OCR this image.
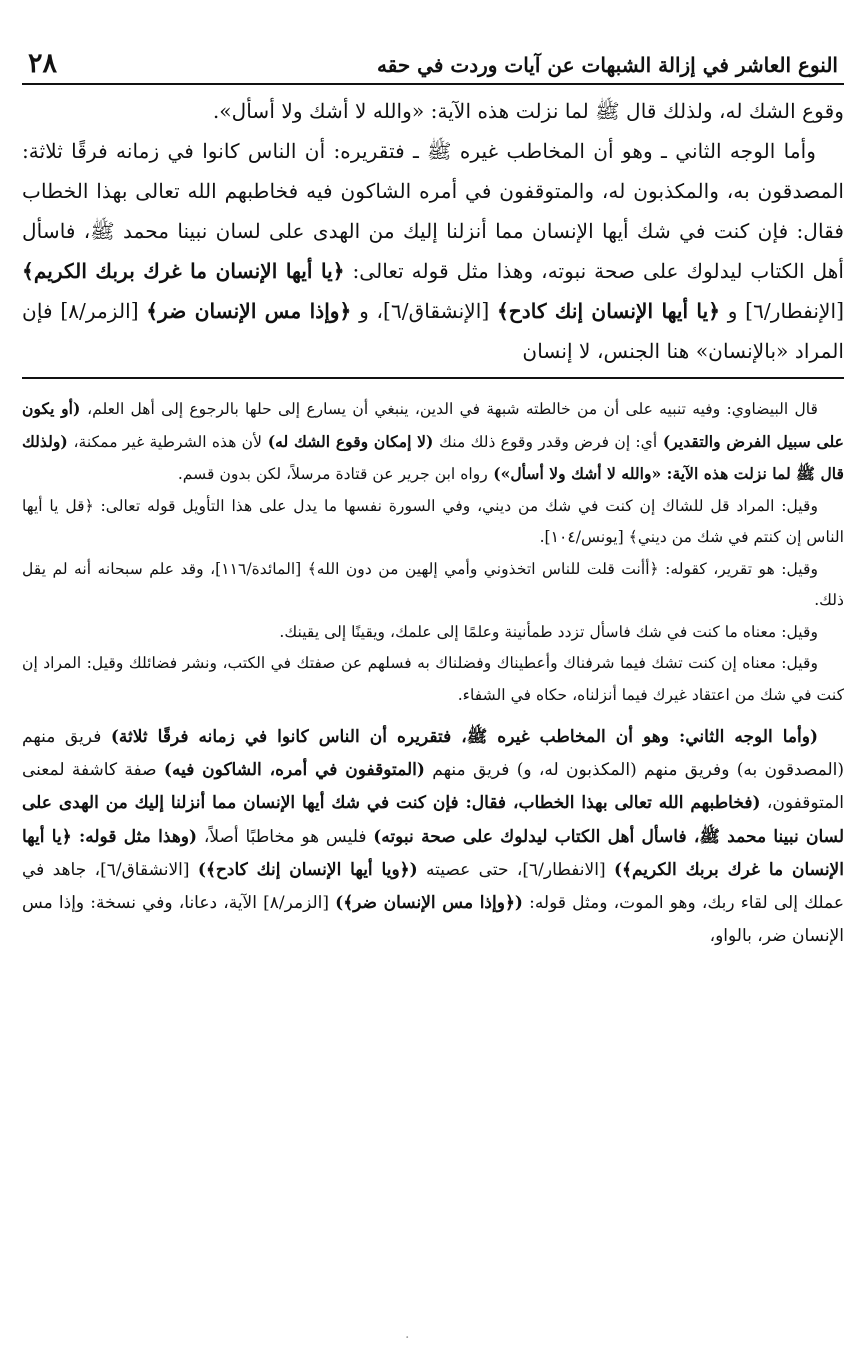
النوع العاشر في إزالة الشبهات عن آيات وردت في حقه
٢٨

وقوع الشك له، ولذلك قال ﷺ لما نزلت هذه الآية: «والله لا أشك ولا أسأل».

وأما الوجه الثاني ـ وهو أن المخاطب غيره ﷺ ـ فتقريره: أن الناس كانوا في زمانه فرقًا ثلاثة: المصدقون به، والمكذبون له، والمتوقفون في أمره الشاكون فيه فخاطبهم الله تعالى بهذا الخطاب فقال: فإن كنت في شك أيها الإنسان مما أنزلنا إليك من الهدى على لسان نبينا محمد ﷺ، فاسأل أهل الكتاب ليدلوك على صحة نبوته، وهذا مثل قوله تعالى: ﴿يا أيها الإنسان ما غرك بربك الكريم﴾ [الإنفطار/٦] و ﴿يا أيها الإنسان إنك كادح﴾ [الإنشقاق/٦]، و ﴿وإذا مس الإنسان ضر﴾ [الزمر/٨] فإن المراد «بالإنسان» هنا الجنس، لا إنسان

قال البيضاوي: وفيه تنبيه على أن من خالطته شبهة في الدين، ينبغي أن يسارع إلى حلها بالرجوع إلى أهل العلم، (أو يكون على سبيل الفرض والتقدير) أي: إن فرض وقدر وقوع ذلك منك (لا إمكان وقوع الشك له) لأن هذه الشرطية غير ممكنة، (ولذلك قال ﷺ لما نزلت هذه الآية: «والله لا أشك ولا أسأل») رواه ابن جرير عن قتادة مرسلاً، لكن بدون قسم.

وقيل: المراد قل للشاك إن كنت في شك من ديني، وفي السورة نفسها ما يدل على هذا التأويل قوله تعالى: ﴿قل يا أيها الناس إن كنتم في شك من ديني﴾ [يونس/١٠٤].

وقيل: هو تقرير، كقوله: ﴿أأنت قلت للناس اتخذوني وأمي إلهين من دون الله﴾ [المائدة/١١٦]، وقد علم سبحانه أنه لم يقل ذلك.

وقيل: معناه ما كنت في شك فاسأل تزدد طمأنينة وعلمًا إلى علمك، ويقينًا إلى يقينك.

وقيل: معناه إن كنت تشك فيما شرفناك وأعطيناك وفضلناك به فسلهم عن صفتك في الكتب، ونشر فضائلك وقيل: المراد إن كنت في شك من اعتقاد غيرك فيما أنزلناه، حكاه في الشفاء.

(وأما الوجه الثاني: وهو أن المخاطب غيره ﷺ، فتقريره أن الناس كانوا في زمانه فرقًا ثلاثة) فريق منهم (المصدقون به) وفريق منهم (المكذبون له، و) فريق منهم (المتوقفون في أمره، الشاكون فيه) صفة كاشفة لمعنى المتوقفون، (فخاطبهم الله تعالى بهذا الخطاب، فقال: فإن كنت في شك أيها الإنسان مما أنزلنا إليك من الهدى على لسان نبينا محمد ﷺ، فاسأل أهل الكتاب ليدلوك على صحة نبوته) فليس هو مخاطبًا أصلاً، (وهذا مثل قوله: ﴿يا أيها الإنسان ما غرك بربك الكريم﴾) [الانفطار/٦]، حتى عصيته (﴿ويا أيها الإنسان إنك كادح﴾) [الانشقاق/٦]، جاهد في عملك إلى لقاء ربك، وهو الموت، ومثل قوله: (﴿وإذا مس الإنسان ضر﴾) [الزمر/٨] الآية، دعانا، وفي نسخة: وإذا مس الإنسان ضر، بالواو،

·
